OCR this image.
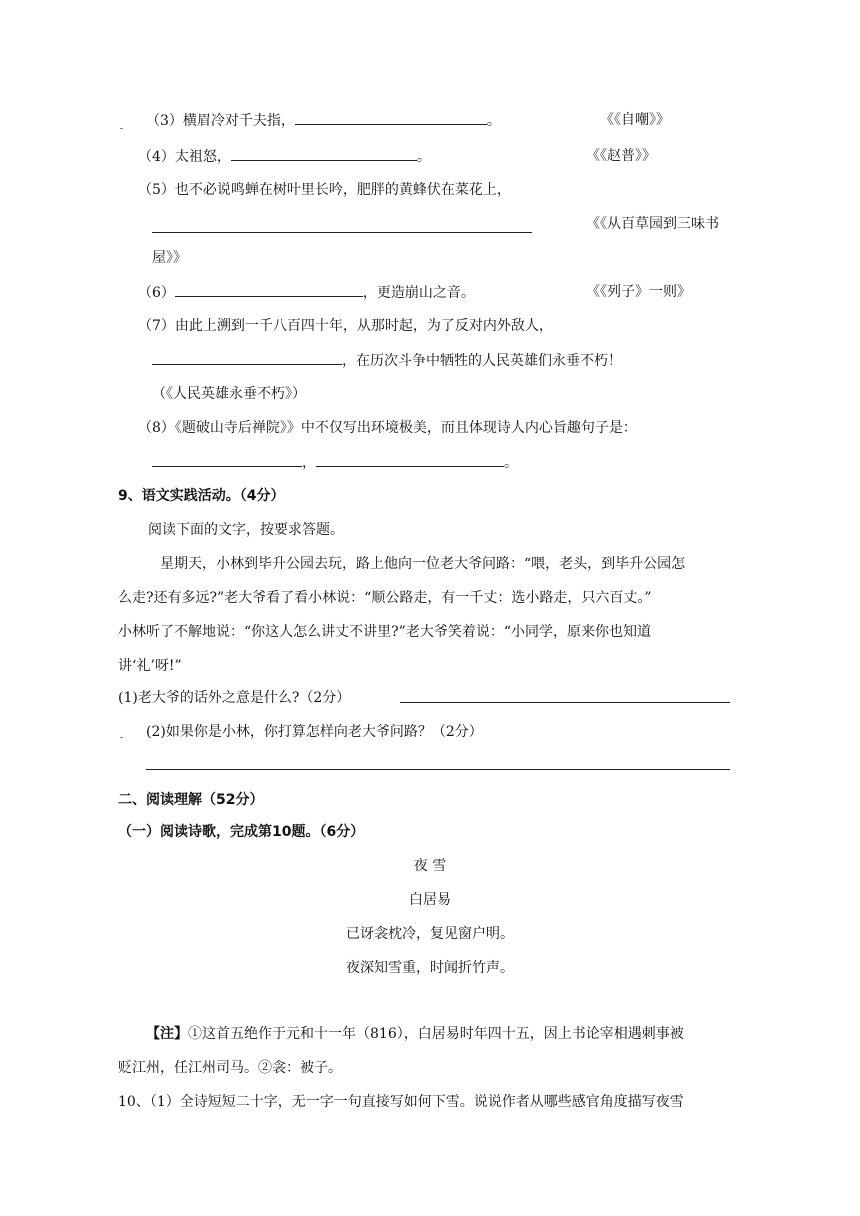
（3）横眉冷对千夫指，	。	《《自嘲》》
（4）太祖怒，	。	《《赵普》》
（5）也不必说鸣蝉在树叶里长吟，肥胖的黄蜂伏在菜花上，
《《从百草园到三味书
屋》》
（6）	，更造崩山之音。	《《列子》一则》
（7）由此上溯到一千八百四十年，从那时起，为了反对内外敌人，
，在历次斗争中牺牲的人民英雄们永垂不朽！
（《人民英雄永垂不朽》）
（8）《题破山寺后禅院》》中不仅写出环境极美，而且体现诗人内心旨趣句子是：
，	。
9、语文实践活动。（4分）
阅读下面的文字，按要求答题。
星期天，小林到毕升公园去玩，路上他向一位老大爷问路：“喂，老头，到毕升公园怎
么走?还有多远?”老大爷看了看小林说：“顺公路走，有一千丈：选小路走，只六百丈。”
小林听了不解地说：“你这人怎么讲丈不讲里?”老大爷笑着说：“小同学，原来你也知道
讲‘礼’呀!”
(1)老大爷的话外之意是什么?（2分）
(2)如果你是小林，你打算怎样向老大爷问路？（2分）
二、阅读理解（52分）
（一）阅读诗歌，完成第10题。（6分）
夜 雪
白居易
已讶衾枕冷，复见窗户明。
夜深知雪重，时闻折竹声。
【注】①这首五绝作于元和十一年（816），白居易时年四十五，因上书论宰相遇刺事被
贬江州，任江州司马。②衾：被子。
10、（1）全诗短短二十字，无一字一句直接写如何下雪。说说作者从哪些感官角度描写夜雪
